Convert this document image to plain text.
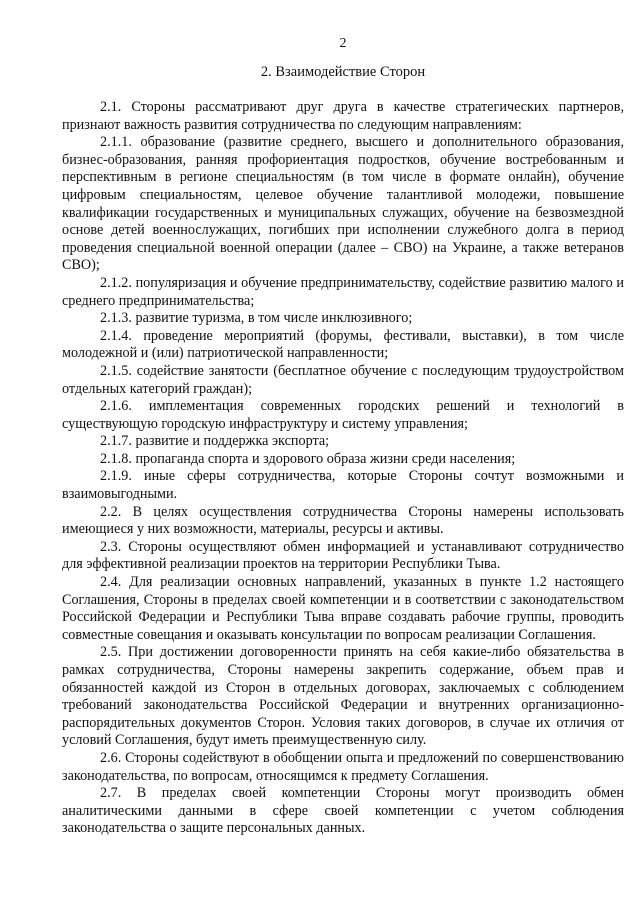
2
2. Взаимодействие Сторон

2.1. Стороны рассматривают друг друга в качестве стратегических партнеров, признают важность развития сотрудничества по следующим направлениям:

2.1.1. образование (развитие среднего, высшего и дополнительного образования, бизнес-образования, ранняя профориентация подростков, обучение востребованным и перспективным в регионе специальностям (в том числе в формате онлайн), обучение цифровым специальностям, целевое обучение талантливой молодежи, повышение квалификации государственных и муниципальных служащих, обучение на безвозмездной основе детей военнослужащих, погибших при исполнении служебного долга в период проведения специальной военной операции (далее – СВО) на Украине, а также ветеранов СВО);

2.1.2. популяризация и обучение предпринимательству, содействие развитию малого и среднего предпринимательства;

2.1.3. развитие туризма, в том числе инклюзивного;

2.1.4. проведение мероприятий (форумы, фестивали, выставки), в том числе молодежной и (или) патриотической направленности;

2.1.5. содействие занятости (бесплатное обучение с последующим трудоустройством отдельных категорий граждан);

2.1.6. имплементация современных городских решений и технологий в существующую городскую инфраструктуру и систему управления;

2.1.7. развитие и поддержка экспорта;

2.1.8. пропаганда спорта и здорового образа жизни среди населения;

2.1.9. иные сферы сотрудничества, которые Стороны сочтут возможными и взаимовыгодными.

2.2. В целях осуществления сотрудничества Стороны намерены использовать имеющиеся у них возможности, материалы, ресурсы и активы.

2.3. Стороны осуществляют обмен информацией и устанавливают сотрудничество для эффективной реализации проектов на территории Республики Тыва.

2.4. Для реализации основных направлений, указанных в пункте 1.2 настоящего Соглашения, Стороны в пределах своей компетенции и в соответствии с законодательством Российской Федерации и Республики Тыва вправе создавать рабочие группы, проводить совместные совещания и оказывать консультации по вопросам реализации Соглашения.

2.5. При достижении договоренности принять на себя какие-либо обязательства в рамках сотрудничества, Стороны намерены закрепить содержание, объем прав и обязанностей каждой из Сторон в отдельных договорах, заключаемых с соблюдением требований законодательства Российской Федерации и внутренних организационно-распорядительных документов Сторон. Условия таких договоров, в случае их отличия от условий Соглашения, будут иметь преимущественную силу.

2.6. Стороны содействуют в обобщении опыта и предложений по совершенствованию законодательства, по вопросам, относящимся к предмету Соглашения.

2.7. В пределах своей компетенции Стороны могут производить обмен аналитическими данными в сфере своей компетенции с учетом соблюдения законодательства о защите персональных данных.
